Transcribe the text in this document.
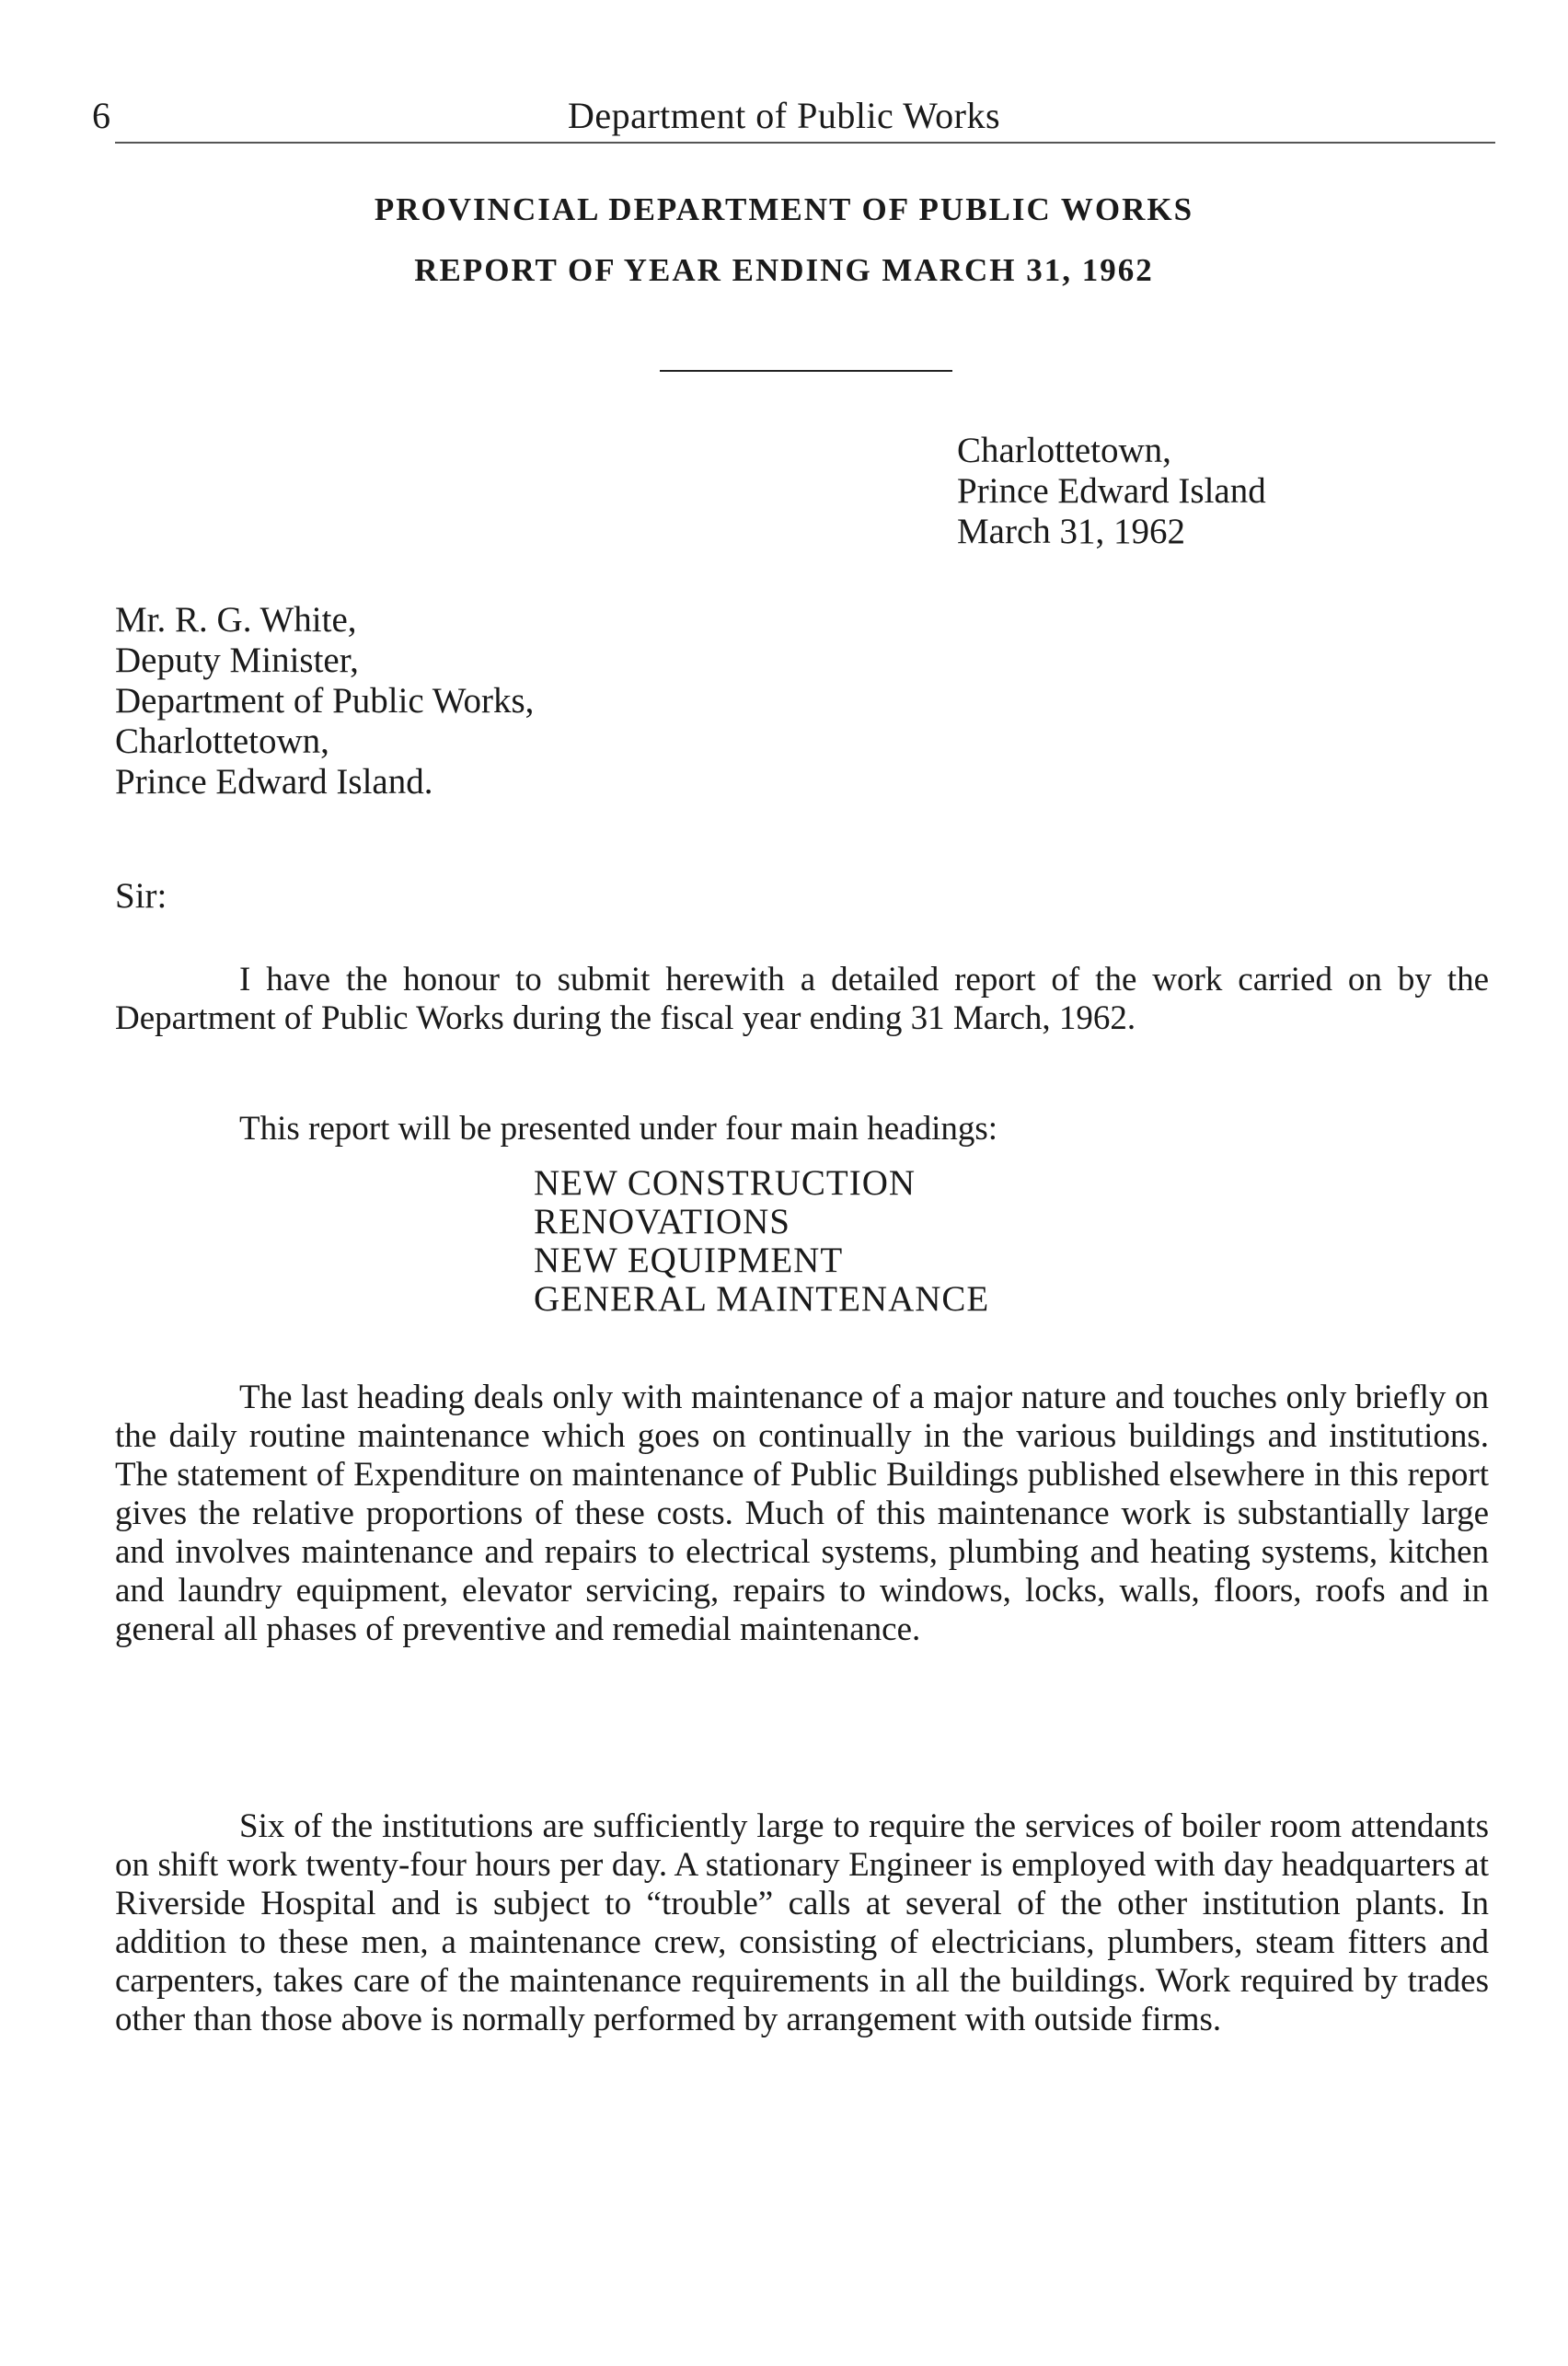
6	Department of Public Works

PROVINCIAL DEPARTMENT OF PUBLIC WORKS

REPORT OF YEAR ENDING MARCH 31, 1962

Charlottetown,
Prince Edward Island
March 31, 1962
Mr. R. G. White,
Deputy Minister,
Department of Public Works,
Charlottetown,
Prince Edward Island.
Sir:

I have the honour to submit herewith a detailed report of the work carried on by the Department of Public Works during the fiscal year ending 31 March, 1962.

This report will be presented under four main headings:

NEW CONSTRUCTION
RENOVATIONS
NEW EQUIPMENT
GENERAL MAINTENANCE

The last heading deals only with maintenance of a major nature and touches only briefly on the daily routine maintenance which goes on continually in the various buildings and institutions. The statement of Expenditure on maintenance of Public Buildings published elsewhere in this report gives the relative proportions of these costs. Much of this maintenance work is substantially large and involves maintenance and repairs to electrical systems, plumbing and heating systems, kitchen and laundry equipment, elevator servicing, repairs to windows, locks, walls, floors, roofs and in general all phases of preventive and remedial maintenance.

Six of the institutions are sufficiently large to require the services of boiler room attendants on shift work twenty-four hours per day. A stationary Engineer is employed with day headquarters at Riverside Hospital and is subject to “trouble” calls at several of the other institution plants. In addition to these men, a maintenance crew, consisting of electricians, plumbers, steam fitters and carpenters, takes care of the maintenance requirements in all the buildings. Work required by trades other than those above is normally performed by arrangement with outside firms.
